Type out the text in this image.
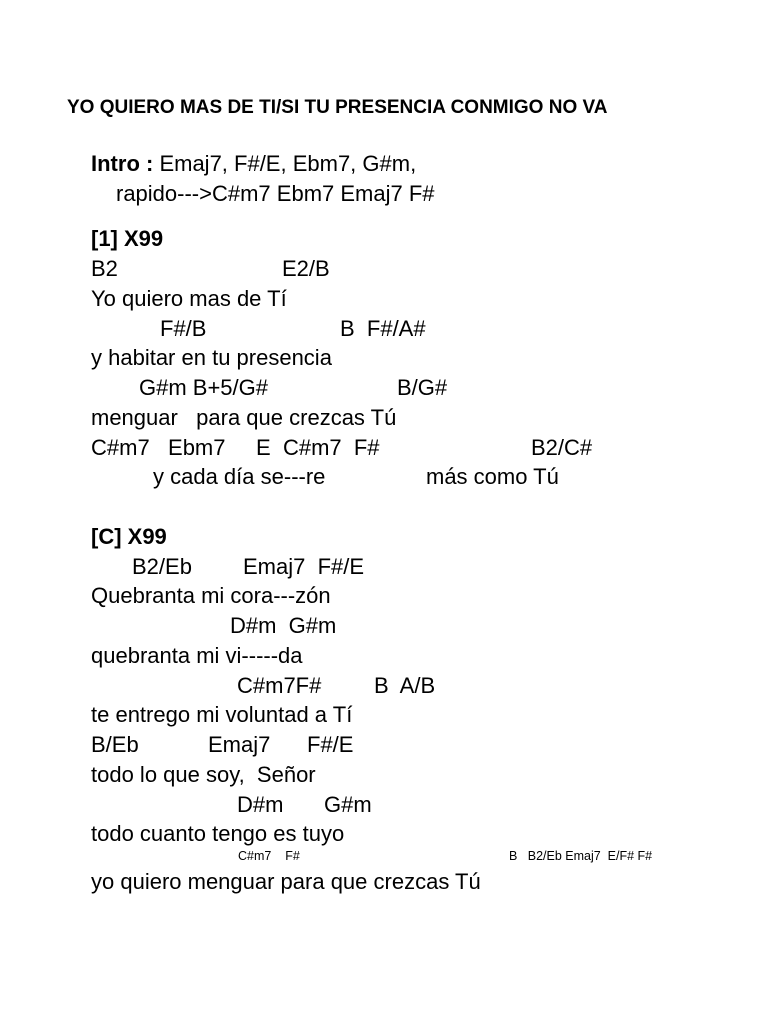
YO QUIERO MAS DE TI/SI TU PRESENCIA CONMIGO NO VA
Intro : Emaj7, F#/E, Ebm7, G#m,
rapido--->C#m7 Ebm7 Emaj7 F#
[1] X99
B2	E2/B
Yo quiero mas de Tí
F#/B	B  F#/A#
y habitar en tu presencia
G#m B+5/G#	B/G#
menguar   para que crezcas Tú
C#m7   Ebm7     E  C#m7  F#	B2/C#
y cada día se---re	más como Tú
[C] X99
B2/Eb Emaj7  F#/E
Quebranta mi cora---zón
D#m  G#m
quebranta mi vi-----da
C#m7F# B  A/B
te entrego mi voluntad a Tí
B/Eb	Emaj7 F#/E
todo lo que soy,  Señor
D#m G#m
todo cuanto tengo es tuyo
C#m7    F#	B   B2/Eb Emaj7  E/F# F#
yo quiero menguar para que crezcas Tú
